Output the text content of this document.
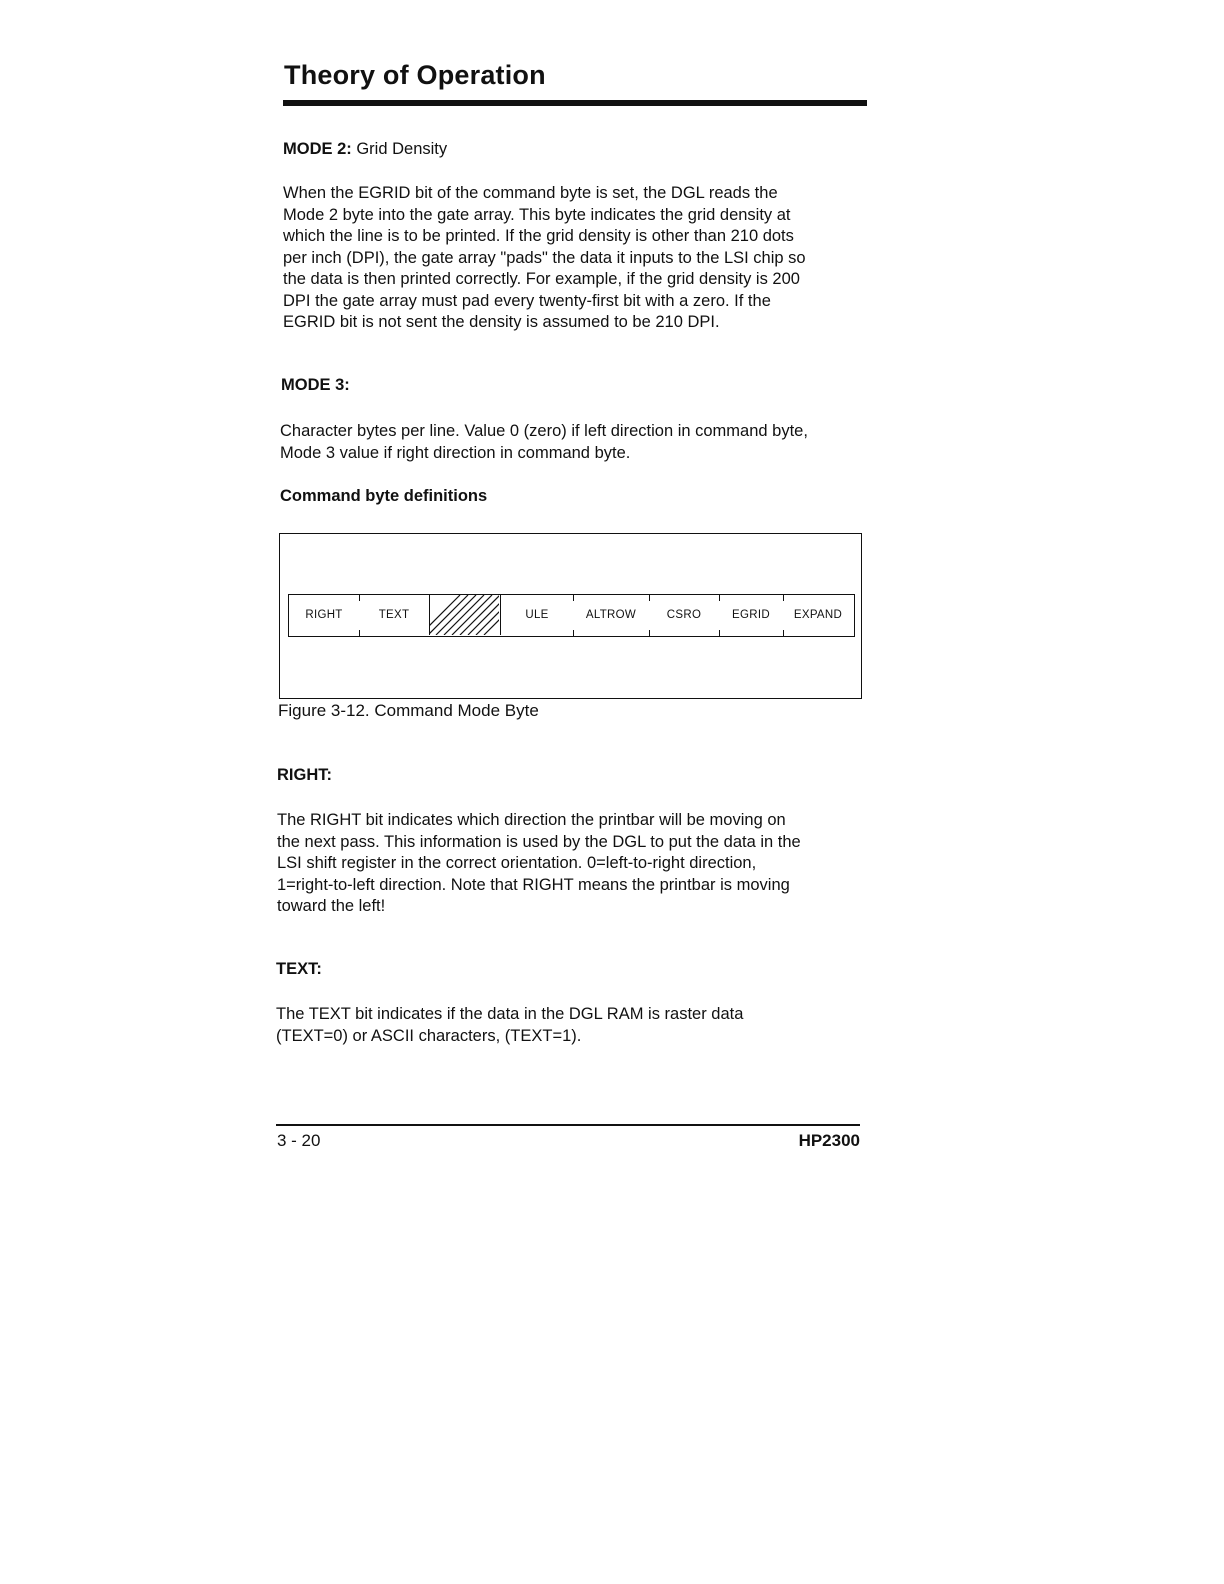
Theory of Operation
MODE 2: Grid Density

When the EGRID bit of the command byte is set, the DGL reads the

Mode 2 byte into the gate array. This byte indicates the grid density at

which the line is to be printed. If the grid density is other than 210 dots

per inch (DPI), the gate array "pads" the data it inputs to the LSI chip so

the data is then printed correctly. For example, if the grid density is 200

DPI the gate array must pad every twenty-first bit with a zero. If the

EGRID bit is not sent the density is assumed to be 210 DPI.

MODE 3:

Character bytes per line. Value 0 (zero) if left direction in command byte,

Mode 3 value if right direction in command byte.

Command byte definitions
RIGHT	TEXT	ULE	ALTROW	CSRO	EGRID	EXPAND
Figure 3-12. Command Mode Byte
RIGHT:

The RIGHT bit indicates which direction the printbar will be moving on

the next pass. This information is used by the DGL to put the data in the

LSI shift register in the correct orientation. 0=left-to-right direction,

1=right-to-left direction. Note that RIGHT means the printbar is moving

toward the left!

TEXT:

The TEXT bit indicates if the data in the DGL RAM is raster data

(TEXT=0) or ASCII characters, (TEXT=1).

3 - 20	HP2300
